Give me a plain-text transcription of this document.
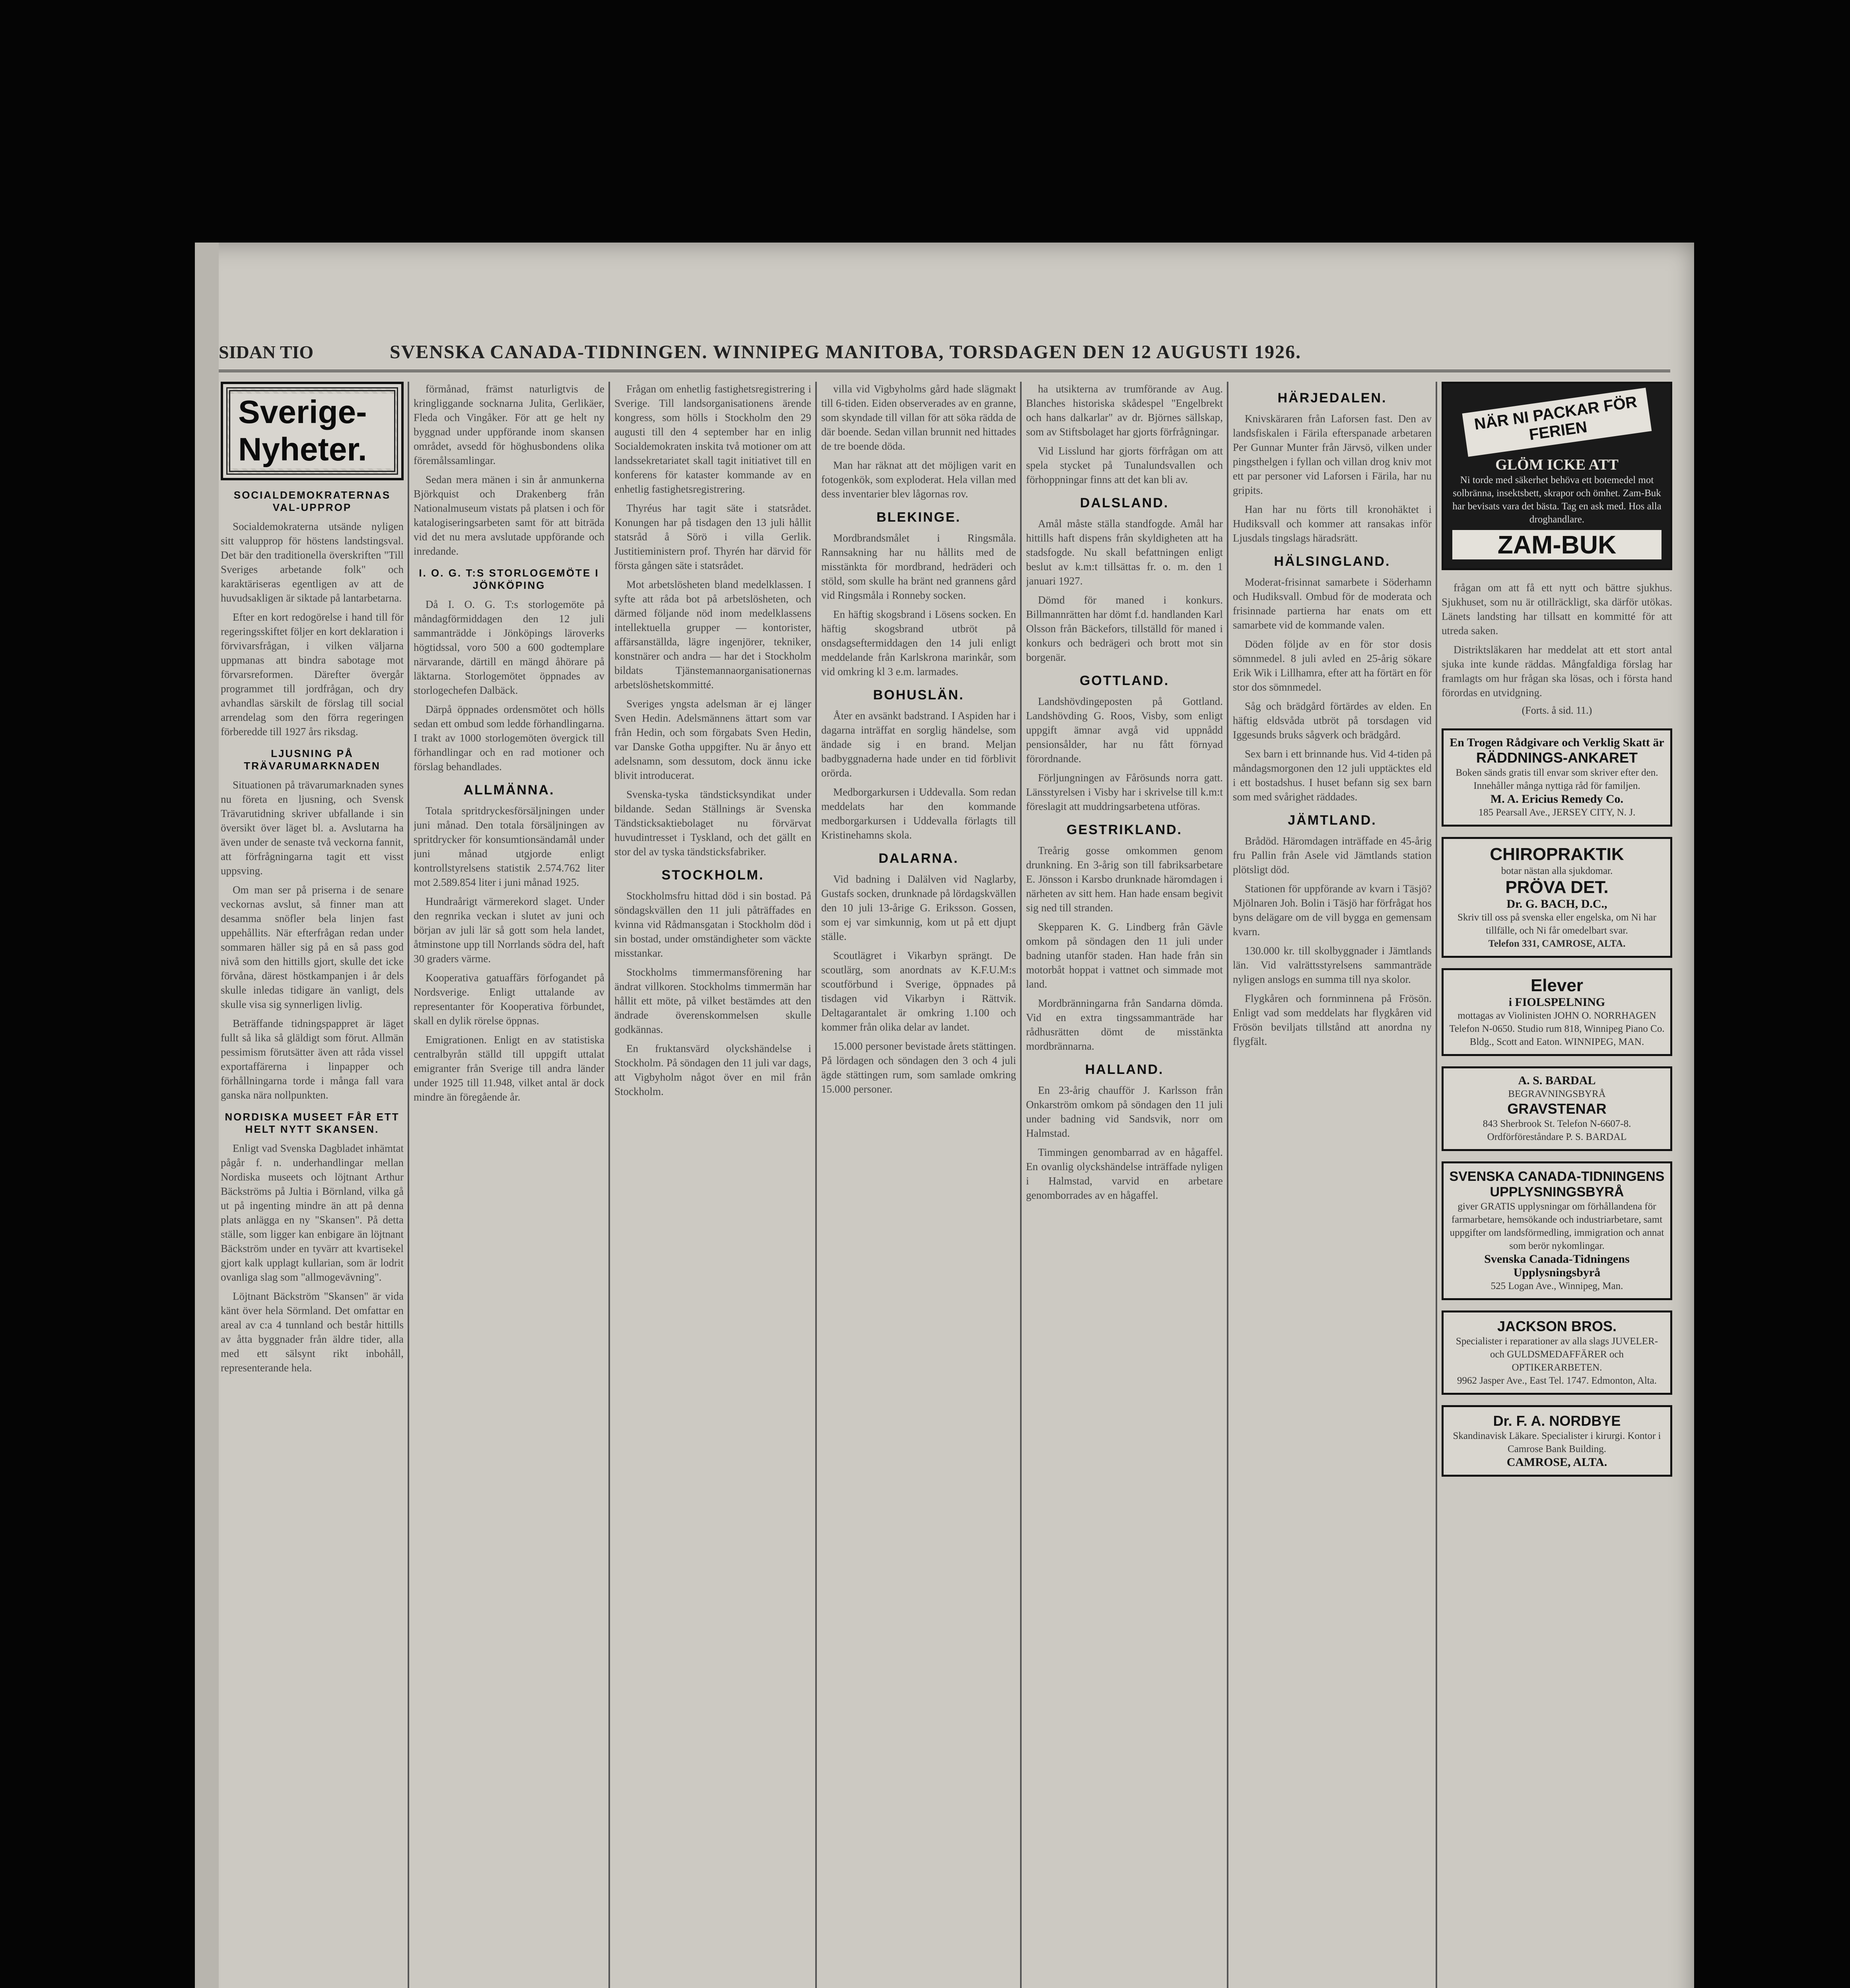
SIDAN TIO	SVENSKA CANADA-TIDNINGEN. WINNIPEG MANITOBA, TORSDAGEN DEN 12 AUGUSTI 1926.
Sverige-Nyheter.
SOCIALDEMOKRATERNAS VAL-UPPROP

Socialdemokraterna utsände nyligen sitt valupprop för höstens landstingsval. Det bär den traditionella överskriften "Till Sveriges arbetande folk" och karaktäriseras egentligen av att de huvudsakligen är siktade på lantarbetarna.

Efter en kort redogörelse i hand till för regeringsskiftet följer en kort deklaration i förvivarsfrågan, i vilken väljarna uppmanas att bindra sabotage mot förvarsreformen. Därefter övergår programmet till jordfrågan, och dry avhandlas särskilt de förslag till social arrendelag som den förra regeringen förberedde till 1927 års riksdag.

LJUSNING PÅ TRÄVARUMARKNADEN

Situationen på trävarumarknaden synes nu företa en ljusning, och Svensk Trävarutidning skriver ubfallande i sin översikt över läget bl. a. Avslutarna ha även under de senaste två veckorna fannit, att förfrågningarna tagit ett visst uppsving.

Om man ser på priserna i de senare veckornas avslut, så finner man att desamma snöfler bela linjen fast uppehållits. När efterfrågan redan under sommaren häller sig på en så pass god nivå som den hittills gjort, skulle det icke förvåna, därest höstkampanjen i år dels skulle inledas tidigare än vanligt, dels skulle visa sig synnerligen livlig.

Beträffande tidningspappret är läget fullt så lika så gläldigt som förut. Allmän pessimism förutsätter även att råda vissel exportaffärerna i linpapper och förhållningarna torde i många fall vara ganska nära nollpunkten.

NORDISKA MUSEET FÅR ETT HELT NYTT SKANSEN.

Enligt vad Svenska Dagbladet inhämtat pågår f. n. underhandlingar mellan Nordiska museets och löjtnant Arthur Bäckströms på Jultia i Börnland, vilka gå ut på ingenting mindre än att på denna plats anlägga en ny "Skansen". På detta ställe, som ligger kan enbigare än löjtnant Bäckström under en tyvärr att kvartisekel gjort kalk upplagt kullarian, som är lodrit ovanliga slag som "allmogevävning".

Löjtnant Bäckström "Skansen" är vida känt över hela Sörmland. Det omfattar en areal av c:a 4 tunnland och består hittills av åtta byggnader från äldre tider, alla med ett sälsynt rikt inbohåll, representerande hela.

förmånad, främst naturligtvis de kringliggande socknarna Julita, Gerlikäer, Fleda och Vingåker. För att ge helt ny byggnad under uppförande inom skansen området, avsedd för höghusbondens olika föremålssamlingar.

Sedan mera mänen i sin år anmunkerna Björkquist och Drakenberg från Nationalmuseum vistats på platsen i och för katalogiseringsarbeten samt för att biträda vid det nu mera avslutade uppförande och inredande.

I. O. G. T:S STORLOGEMÖTE I JÖNKÖPING

Då I. O. G. T:s storlogemöte på måndagförmiddagen den 12 juli sammanträdde i Jönköpings läroverks högtidssal, voro 500 a 600 godtemplare närvarande, därtill en mängd åhörare på läktarna. Storlogemötet öppnades av storlogechefen Dalbäck.

Därpå öppnades ordensmötet och hölls sedan ett ombud som ledde förhandlingarna. I trakt av 1000 storlogemöten övergick till förhandlingar och en rad motioner och förslag behandlades.

ALLMÄNNA.

Totala spritdryckesförsäljningen under juni månad. Den totala försäljningen av spritdrycker för konsumtionsändamål under juni månad utgjorde enligt kontrollstyrelsens statistik 2.574.762 liter mot 2.589.854 liter i juni månad 1925.

Hundraårigt värmerekord slaget. Under den regnrika veckan i slutet av juni och början av juli lär så gott som hela landet, åtminstone upp till Norrlands södra del, haft 30 graders värme.

Kooperativa gatuaffärs förfogandet på Nordsverige. Enligt uttalande av representanter för Kooperativa förbundet, skall en dylik rörelse öppnas.

Emigrationen. Enligt en av statistiska centralbyrån ställd till uppgift uttalat emigranter från Sverige till andra länder under 1925 till 11.948, vilket antal är dock mindre än föregående år.

Frågan om enhetlig fastighetsregistrering i Sverige. Till landsorganisationens ärende kongress, som hölls i Stockholm den 29 augusti till den 4 september har en inlig Socialdemokraten inskita två motioner om att landssekretariatet skall tagit initiativet till en konferens för kataster kommande av en enhetlig fastighetsregistrering.

Thyréus har tagit säte i statsrådet. Konungen har på tisdagen den 13 juli hållit statsråd å Sörö i villa Gerlik. Justitieministern prof. Thyrén har därvid för första gången säte i statsrådet.

Mot arbetslösheten bland medelklassen. I syfte att råda bot på arbetslösheten, och därmed följande nöd inom medelklassens intellektuella grupper — kontorister, affärsanställda, lägre ingenjörer, tekniker, konstnärer och andra — har det i Stockholm bildats Tjänstemannaorganisationernas arbetslöshetskommitté.

Sveriges yngsta adelsman är ej länger Sven Hedin. Adelsmännens ättart som var från Hedin, och som förgabats Sven Hedin, var Danske Gotha uppgifter. Nu är ånyo ett adelsnamn, som dessutom, dock ännu icke blivit introducerat.

Svenska-tyska tändsticksyndikat under bildande. Sedan Ställnings är Svenska Tändsticksaktiebolaget nu förvärvat huvudintresset i Tyskland, och det gällt en stor del av tyska tändsticksfabriker.

STOCKHOLM.

Stockholmsfru hittad död i sin bostad. På söndagskvällen den 11 juli påträffades en kvinna vid Rådmansgatan i Stockholm död i sin bostad, under omständigheter som väckte misstankar.

Stockholms timmermansförening har ändrat villkoren. Stockholms timmermän har hållit ett möte, på vilket bestämdes att den ändrade överenskommelsen skulle godkännas.

En fruktansvärd olyckshändelse i Stockholm. På söndagen den 11 juli var dags, att Vigbyholm något över en mil från Stockholm.

villa vid Vigbyholms gård hade slägmakt till 6-tiden. Eiden observerades av en granne, som skyndade till villan för att söka rädda de där boende. Sedan villan brunnit ned hittades de tre boende döda.

Man har räknat att det möjligen varit en fotogenkök, som exploderat. Hela villan med dess inventarier blev lågornas rov.

BLEKINGE.

Mordbrandsmålet i Ringsmåla. Rannsakning har nu hållits med de misstänkta för mordbrand, hedräderi och stöld, som skulle ha bränt ned grannens gård vid Ringsmåla i Ronneby socken.

En häftig skogsbrand i Lösens socken. En häftig skogsbrand utbröt på onsdagseftermiddagen den 14 juli enligt meddelande från Karlskrona marinkår, som vid omkring kl 3 e.m. larmades.

BOHUSLÄN.

Åter en avsänkt badstrand. I Aspiden har i dagarna inträffat en sorglig händelse, som ändade sig i en brand. Meljan badbyggnaderna hade under en tid förblivit orörda.

Medborgarkursen i Uddevalla. Som redan meddelats har den kommande medborgarkursen i Uddevalla förlagts till Kristinehamns skola.

DALARNA.

Vid badning i Dalälven vid Naglarby, Gustafs socken, drunknade på lördagskvällen den 10 juli 13-årige G. Eriksson. Gossen, som ej var simkunnig, kom ut på ett djupt ställe.

Scoutlägret i Vikarbyn sprängt. De scoutlärg, som anordnats av K.F.U.M:s scoutförbund i Sverige, öppnades på tisdagen vid Vikarbyn i Rättvik. Deltagarantalet är omkring 1.100 och kommer från olika delar av landet.

15.000 personer bevistade årets stättingen. På lördagen och söndagen den 3 och 4 juli ägde stättingen rum, som samlade omkring 15.000 personer.

ha utsikterna av trumförande av Aug. Blanches historiska skådespel "Engelbrekt och hans dalkarlar" av dr. Björnes sällskap, som av Stiftsbolaget har gjorts förfrågningar.

Vid Lisslund har gjorts förfrågan om att spela stycket på Tunalundsvallen och förhoppningar finns att det kan bli av.

DALSLAND.

Amål måste ställa standfogde. Amål har hittills haft dispens från skyldigheten att ha stadsfogde. Nu skall befattningen enligt beslut av k.m:t tillsättas fr. o. m. den 1 januari 1927.

Dömd för maned i konkurs. Billmannrätten har dömt f.d. handlanden Karl Olsson från Bäckefors, tillställd för maned i konkurs och bedrägeri och brott mot sin borgenär.

GOTTLAND.

Landshövdingeposten på Gottland. Landshövding G. Roos, Visby, som enligt uppgift ämnar avgå vid uppnådd pensionsålder, har nu fått förnyad förordnande.

Förljungningen av Fårösunds norra gatt. Länsstyrelsen i Visby har i skrivelse till k.m:t föreslagit att muddringsarbetena utföras.

GESTRIKLAND.

Treårig gosse omkommen genom drunkning. En 3-årig son till fabriksarbetare E. Jönsson i Karsbo drunknade häromdagen i närheten av sitt hem. Han hade ensam begivit sig ned till stranden.

Skepparen K. G. Lindberg från Gävle omkom på söndagen den 11 juli under badning utanför staden. Han hade från sin motorbåt hoppat i vattnet och simmade mot land.

Mordbränningarna från Sandarna dömda. Vid en extra tingssammanträde har rådhusrätten dömt de misstänkta mordbrännarna.

HALLAND.

En 23-årig chaufför J. Karlsson från Onkarström omkom på söndagen den 11 juli under badning vid Sandsvik, norr om Halmstad.

Timmingen genombarrad av en hågaffel. En ovanlig olyckshändelse inträffade nyligen i Halmstad, varvid en arbetare genomborrades av en hågaffel.

HÄRJEDALEN.

Knivskäraren från Laforsen fast. Den av landsfiskalen i Färila efterspanade arbetaren Per Gunnar Munter från Järvsö, vilken under pingsthelgen i fyllan och villan drog kniv mot ett par personer vid Laforsen i Färila, har nu gripits.

Han har nu förts till kronohäktet i Hudiksvall och kommer att ransakas inför Ljusdals tingslags häradsrätt.

HÄLSINGLAND.

Moderat-frisinnat samarbete i Söderhamn och Hudiksvall. Ombud för de moderata och frisinnade partierna har enats om ett samarbete vid de kommande valen.

Döden följde av en för stor dosis sömnmedel. 8 juli avled en 25-årig sökare Erik Wik i Lillhamra, efter att ha förtärt en för stor dos sömnmedel.

Såg och brädgård förtärdes av elden. En häftig eldsvåda utbröt på torsdagen vid Iggesunds bruks sågverk och brädgård.

Sex barn i ett brinnande hus. Vid 4-tiden på måndagsmorgonen den 12 juli upptäcktes eld i ett bostadshus. I huset befann sig sex barn som med svårighet räddades.

JÄMTLAND.

Brådöd. Häromdagen inträffade en 45-årig fru Pallin från Asele vid Jämtlands station plötsligt död.

Stationen för uppförande av kvarn i Täsjö? Mjölnaren Joh. Bolin i Täsjö har förfrågat hos byns delägare om de vill bygga en gemensam kvarn.

130.000 kr. till skolbyggnader i Jämtlands län. Vid valrättsstyrelsens sammanträde nyligen anslogs en summa till nya skolor.

Flygkåren och fornminnena på Frösön. Enligt vad som meddelats har flygkåren vid Frösön beviljats tillstånd att anordna ny flygfält.

NÄR NI PACKAR FÖR FERIEN
GLÖM ICKE ATT
Ni torde med säkerhet behöva ett botemedel mot solbränna, insektsbett, skrapor och ömhet. Zam-Buk har bevisats vara det bästa. Tag en ask med. Hos alla droghandlare.
ZAM-BUK

frågan om att få ett nytt och bättre sjukhus. Sjukhuset, som nu är otillräckligt, ska därför utökas. Länets landsting har tillsatt en kommitté för att utreda saken.

Distriktsläkaren har meddelat att ett stort antal sjuka inte kunde räddas. Mångfaldiga förslag har framlagts om hur frågan ska lösas, och i första hand förordas en utvidgning.

(Forts. å sid. 11.)
En Trogen Rådgivare och Verklig Skatt är
RÄDDNINGS-ANKARET
Boken sänds gratis till envar som skriver efter den. Innehåller många nyttiga råd för familjen.
M. A. Ericius Remedy Co.
185 Pearsall Ave., JERSEY CITY, N. J.
CHIROPRAKTIK
botar nästan alla sjukdomar.
PRÖVA DET.
Dr. G. BACH, D.C.,
Skriv till oss på svenska eller engelska, om Ni har tillfälle, och Ni får omedelbart svar.
Telefon 331, CAMROSE, ALTA.
Elever
i FIOLSPELNING
mottagas av Violinisten JOHN O. NORRHAGEN Telefon N-0650. Studio rum 818, Winnipeg Piano Co. Bldg., Scott and Eaton. WINNIPEG, MAN.
A. S. BARDAL
BEGRAVNINGSBYRÅ
GRAVSTENAR
843 Sherbrook St. Telefon N-6607-8. Ordförföreståndare P. S. BARDAL
SVENSKA CANADA-TIDNINGENS UPPLYSNINGSBYRÅ
giver GRATIS upplysningar om förhållandena för farmarbetare, hemsökande och industriarbetare, samt uppgifter om landsförmedling, immigration och annat som berör nykomlingar.
Svenska Canada-Tidningens Upplysningsbyrå
525 Logan Ave., Winnipeg, Man.
JACKSON BROS.
Specialister i reparationer av alla slags JUVELER- och GULDSMEDAFFÄRER och OPTIKERARBETEN.
9962 Jasper Ave., East Tel. 1747. Edmonton, Alta.
Dr. F. A. NORDBYE
Skandinavisk Läkare. Specialister i kirurgi. Kontor i Camrose Bank Building.
CAMROSE, ALTA.
